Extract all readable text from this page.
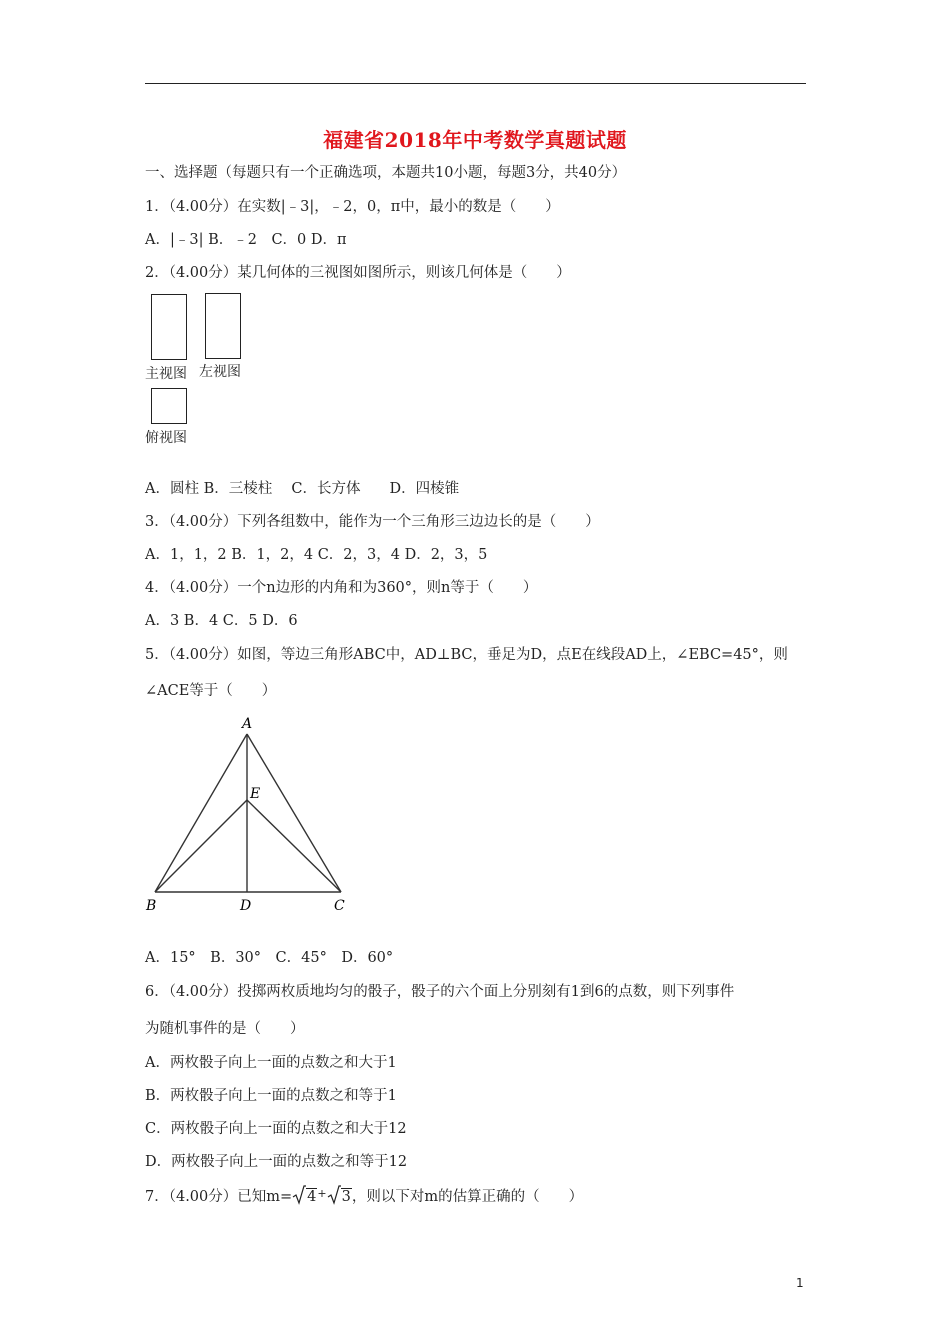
福建省2018年中考数学真题试题
一、选择题（每题只有一个正确选项，本题共10小题，每题3分，共40分）
1．（4.00分）在实数|﹣3|，﹣2，0，π中，最小的数是（　　）
A．|﹣3| B．﹣2　C．0 D．π
2．（4.00分）某几何体的三视图如图所示，则该几何体是（　　）
主视图 左视图
俯视图
A．圆柱 B．三棱柱　 C．长方体　　D．四棱锥
3．（4.00分）下列各组数中，能作为一个三角形三边边长的是（　　）
A．1，1，2 B．1，2，4 C．2，3，4 D．2，3，5
4．（4.00分）一个n边形的内角和为360°，则n等于（　　）
A．3 B．4 C．5 D．6
5．（4.00分）如图，等边三角形ABC中，AD⊥BC，垂足为D，点E在线段AD上，∠EBC=45°，则
∠ACE等于（　　）
A
E
B	D	C
A．15°　B．30°　C．45°　D．60°
6．（4.00分）投掷两枚质地均匀的骰子，骰子的六个面上分别刻有1到6的点数，则下列事件
为随机事件的是（　　）
A．两枚骰子向上一面的点数之和大于1
B．两枚骰子向上一面的点数之和等于1
C．两枚骰子向上一面的点数之和大于12
D．两枚骰子向上一面的点数之和等于12
7．（4.00分）已知m= 4+ 3，则以下对m的估算正确的（　　）
1
